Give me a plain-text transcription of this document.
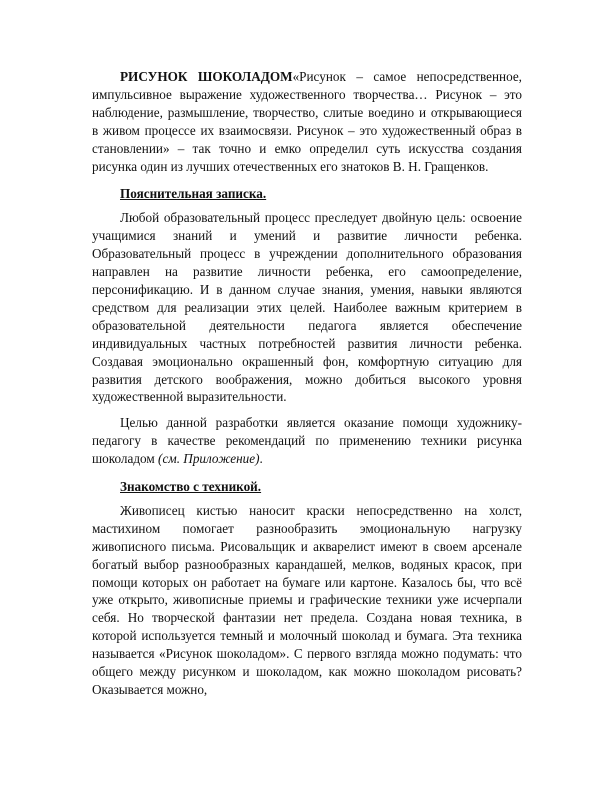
РИСУНОК ШОКОЛАДОМ«Рисунок – самое непосредственное, импульсивное выражение художественного творчества… Рисунок – это наблюдение, размышление, творчество, слитые воедино и открывающиеся в живом процессе их взаимосвязи. Рисунок – это художественный образ в становлении» – так точно и емко определил суть искусства создания рисунка один из лучших отечественных его знатоков В. Н. Гращенков.

Пояснительная записка.

Любой образовательный процесс преследует двойную цель: освоение учащимися знаний и умений и развитие личности ребенка. Образовательный процесс в учреждении дополнительного образования направлен на развитие личности ребенка, его самоопределение, персонификацию. И в данном случае знания, умения, навыки являются средством для реализации этих целей. Наиболее важным критерием в образовательной деятельности педагога является обеспечение индивидуальных частных потребностей развития личности ребенка. Создавая эмоционально окрашенный фон, комфортную ситуацию для развития детского воображения, можно добиться высокого уровня художественной выразительности.

Целью данной разработки является оказание помощи художнику-педагогу в качестве рекомендаций по применению техники рисунка шоколадом (см. Приложение).

Знакомство с техникой.

Живописец кистью наносит краски непосредственно на холст, мастихином помогает разнообразить эмоциональную нагрузку живописного письма. Рисовальщик и акварелист имеют в своем арсенале богатый выбор разнообразных карандашей, мелков, водяных красок, при помощи которых он работает на бумаге или картоне. Казалось бы, что всё уже открыто, живописные приемы и графические техники уже исчерпали себя. Но творческой фантазии нет предела. Создана новая техника, в которой используется темный и молочный шоколад и бумага. Эта техника называется «Рисунок шоколадом». С первого взгляда можно подумать: что общего между рисунком и шоколадом, как можно шоколадом рисовать? Оказывается можно,
